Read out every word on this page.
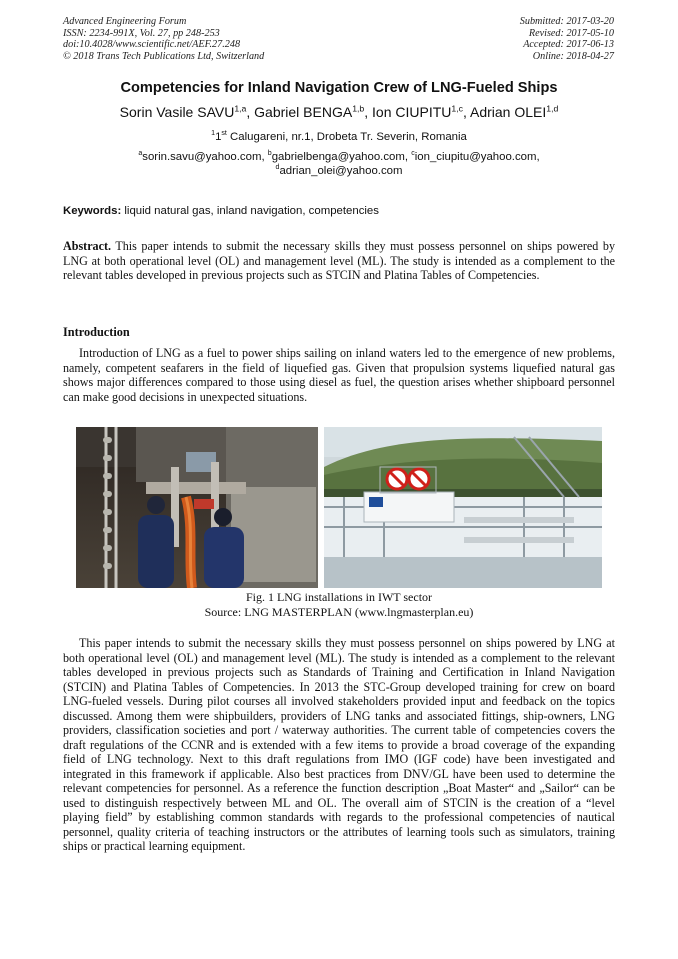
Advanced Engineering Forum
ISSN: 2234-991X, Vol. 27, pp 248-253
doi:10.4028/www.scientific.net/AEF.27.248
© 2018 Trans Tech Publications Ltd, Switzerland
Submitted: 2017-03-20
Revised: 2017-05-10
Accepted: 2017-06-13
Online: 2018-04-27
Competencies for Inland Navigation Crew of LNG-Fueled Ships
Sorin Vasile SAVU$^{1,a}$, Gabriel BENGA$^{1,b}$, Ion CIUPITU$^{1,c}$, Adrian OLEI$^{1,d}$
$^1$1st Calugareni, nr.1, Drobeta Tr. Severin, Romania
$^a$sorin.savu@yahoo.com, $^b$gabrielbenga@yahoo.com, $^c$ion_ciupitu@yahoo.com,
$^d$adrian_olei@yahoo.com
Keywords: liquid natural gas, inland navigation, competencies
Abstract. This paper intends to submit the necessary skills they must possess personnel on ships powered by LNG at both operational level (OL) and management level (ML). The study is intended as a complement to the relevant tables developed in previous projects such as STCIN and Platina Tables of Competencies.
Introduction
Introduction of LNG as a fuel to power ships sailing on inland waters led to the emergence of new problems, namely, competent seafarers in the field of liquefied gas. Given that propulsion systems liquefied natural gas shows major differences compared to those using diesel as fuel, the question arises whether shipboard personnel can make good decisions in unexpected situations.
Fig. 1 LNG installations in IWT sector
Source: LNG MASTERPLAN (www.lngmasterplan.eu)
This paper intends to submit the necessary skills they must possess personnel on ships powered by LNG at both operational level (OL) and management level (ML). The study is intended as a complement to the relevant tables developed in previous projects such as Standards of Training and Certification in Inland Navigation (STCIN) and Platina Tables of Competencies. In 2013 the STC-Group developed training for crew on board LNG-fueled vessels. During pilot courses all involved stakeholders provided input and feedback on the topics discussed. Among them were shipbuilders, providers of LNG tanks and associated fittings, ship-owners, LNG providers, classification societies and port / waterway authorities. The current table of competencies covers the draft regulations of the CCNR and is extended with a few items to provide a broad coverage of the expanding field of LNG technology. Next to this draft regulations from IMO (IGF code) have been investigated and integrated in this framework if applicable. Also best practices from DNV/GL have been used to determine the relevant competencies for personnel. As a reference the function description „Boat Master“ and „Sailor“ can be used to distinguish respectively between ML and OL. The overall aim of STCIN is the creation of a “level playing field” by establishing common standards with regards to the professional competencies of nautical personnel, quality criteria of teaching instructors or the attributes of learning tools such as simulators, training ships or practical learning equipment.
